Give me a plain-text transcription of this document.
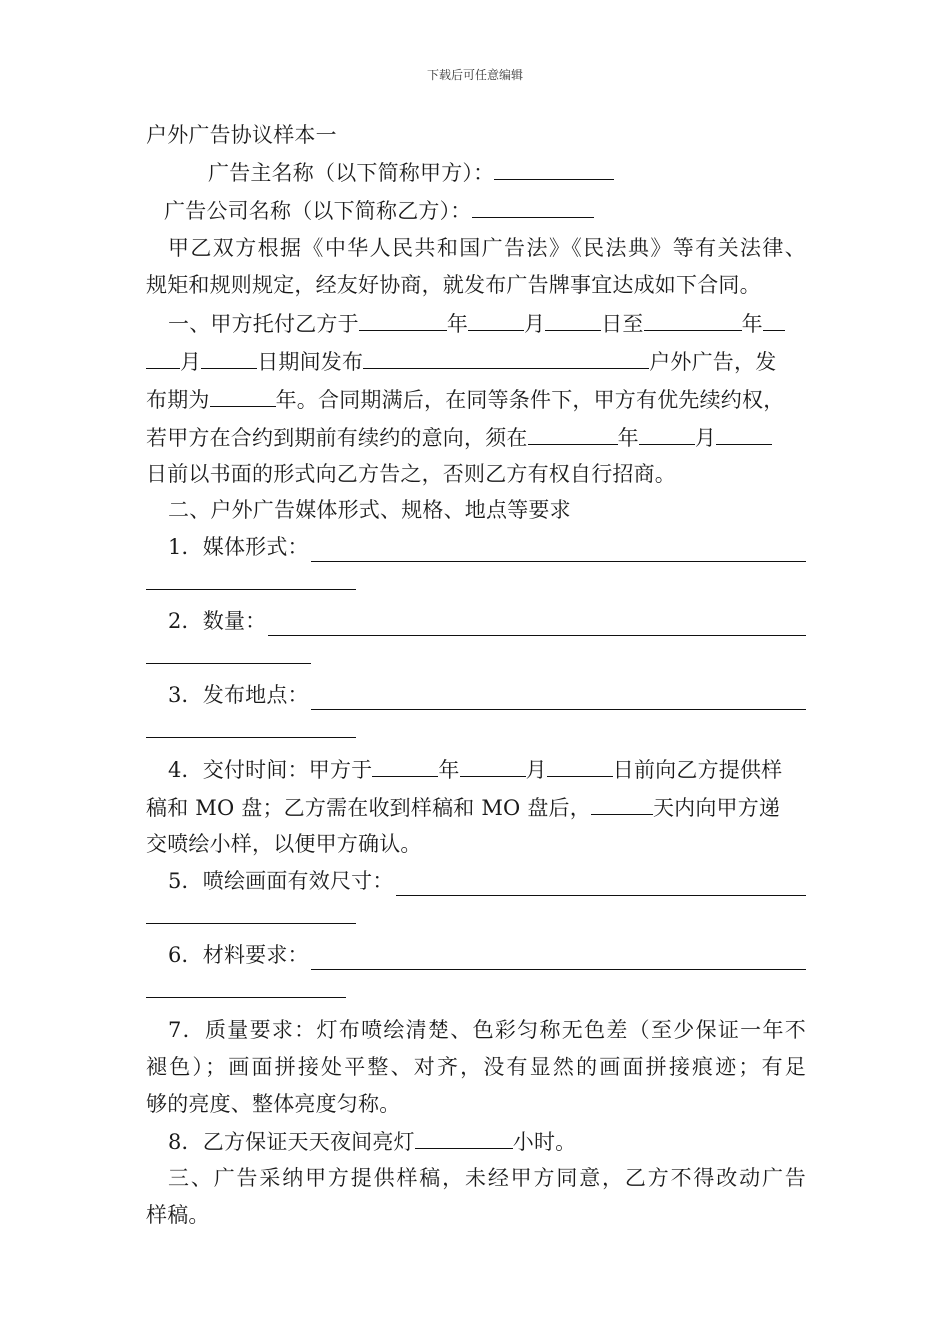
下载后可任意编辑
户外广告协议样本一
广告主名称（以下简称甲方）：
广告公司名称（以下简称乙方）：
甲乙双方根据《中华人民共和国广告法》《民法典》等有关法律、
规矩和规则规定，经友好协商，就发布广告牌事宜达成如下合同。
一、甲方托付乙方于	年	月	日至	年
月	日期间发布	户外广告，发
布期为	年。合同期满后，在同等条件下，甲方有优先续约权，
若甲方在合约到期前有续约的意向，须在	年	月
日前以书面的形式向乙方告之，否则乙方有权自行招商。
二、户外广告媒体形式、规格、地点等要求
1．媒体形式：
2．数量：
3．发布地点：
4．交付时间：甲方于	年	月	日前向乙方提供样
稿和 MO 盘；乙方需在收到样稿和 MO 盘后，	天内向甲方递
交喷绘小样，以便甲方确认。
5．喷绘画面有效尺寸：
6．材料要求：
7．质量要求：灯布喷绘清楚、色彩匀称无色差（至少保证一年不
褪色）；画面拼接处平整、对齐，没有显然的画面拼接痕迹；有足
够的亮度、整体亮度匀称。
8．乙方保证天天夜间亮灯	小时。
三、广告采纳甲方提供样稿，未经甲方同意，乙方不得改动广告
样稿。
